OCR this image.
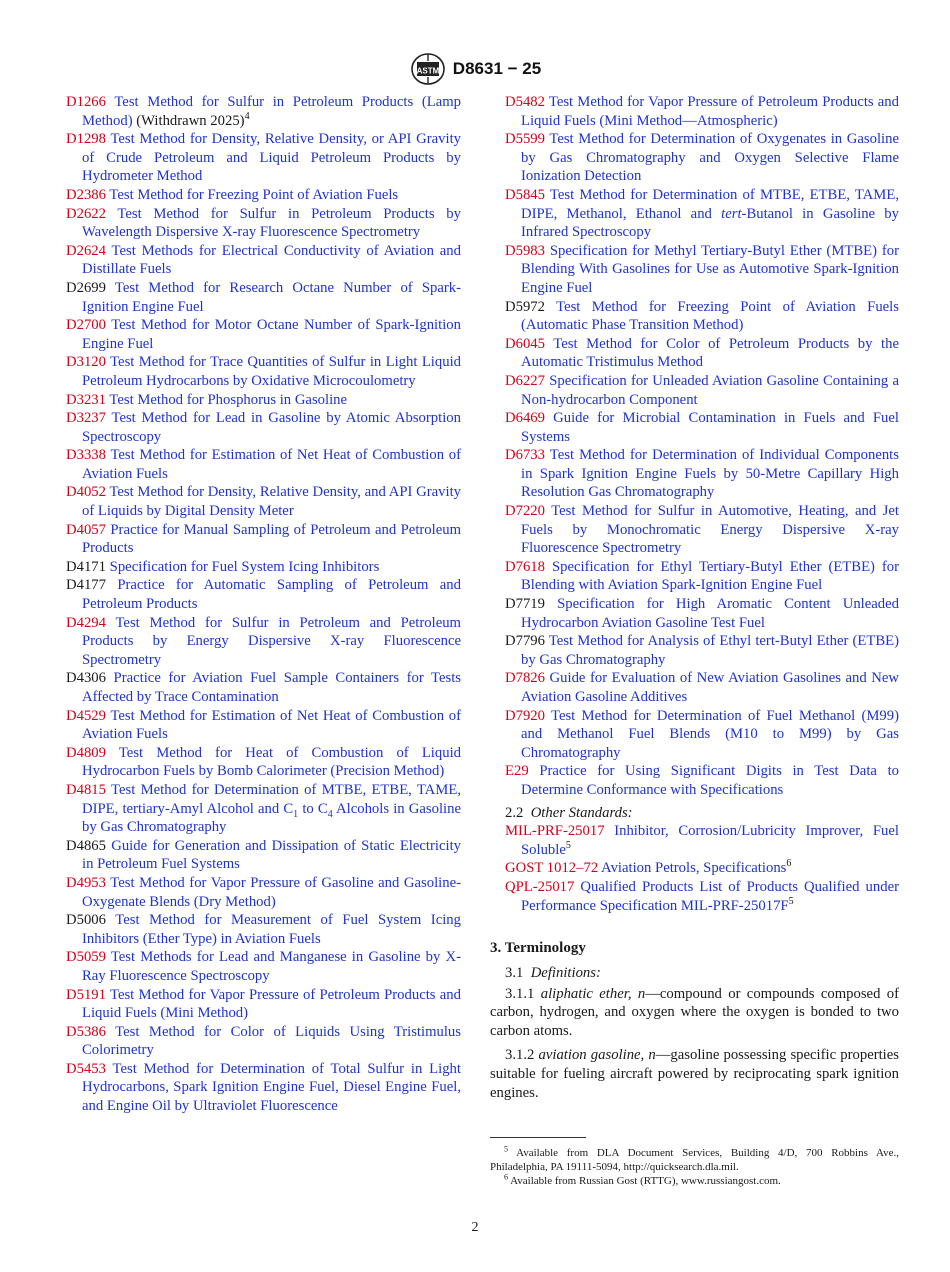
ASTM D8631 − 25

D1266 Test Method for Sulfur in Petroleum Products (Lamp Method) (Withdrawn 2025)$^4$

D1298 Test Method for Density, Relative Density, or API Gravity of Crude Petroleum and Liquid Petroleum Products by Hydrometer Method

D2386 Test Method for Freezing Point of Aviation Fuels

D2622 Test Method for Sulfur in Petroleum Products by Wavelength Dispersive X-ray Fluorescence Spectrometry

D2624 Test Methods for Electrical Conductivity of Aviation and Distillate Fuels

D2699 Test Method for Research Octane Number of Spark-Ignition Engine Fuel

D2700 Test Method for Motor Octane Number of Spark-Ignition Engine Fuel

D3120 Test Method for Trace Quantities of Sulfur in Light Liquid Petroleum Hydrocarbons by Oxidative Microcoulometry

D3231 Test Method for Phosphorus in Gasoline

D3237 Test Method for Lead in Gasoline by Atomic Absorption Spectroscopy

D3338 Test Method for Estimation of Net Heat of Combustion of Aviation Fuels

D4052 Test Method for Density, Relative Density, and API Gravity of Liquids by Digital Density Meter

D4057 Practice for Manual Sampling of Petroleum and Petroleum Products

D4171 Specification for Fuel System Icing Inhibitors

D4177 Practice for Automatic Sampling of Petroleum and Petroleum Products

D4294 Test Method for Sulfur in Petroleum and Petroleum Products by Energy Dispersive X-ray Fluorescence Spectrometry

D4306 Practice for Aviation Fuel Sample Containers for Tests Affected by Trace Contamination

D4529 Test Method for Estimation of Net Heat of Combustion of Aviation Fuels

D4809 Test Method for Heat of Combustion of Liquid Hydrocarbon Fuels by Bomb Calorimeter (Precision Method)

D4815 Test Method for Determination of MTBE, ETBE, TAME, DIPE, tertiary-Amyl Alcohol and $C_1$ to $C_4$ Alcohols in Gasoline by Gas Chromatography

D4865 Guide for Generation and Dissipation of Static Electricity in Petroleum Fuel Systems

D4953 Test Method for Vapor Pressure of Gasoline and Gasoline-Oxygenate Blends (Dry Method)

D5006 Test Method for Measurement of Fuel System Icing Inhibitors (Ether Type) in Aviation Fuels

D5059 Test Methods for Lead and Manganese in Gasoline by X-Ray Fluorescence Spectroscopy

D5191 Test Method for Vapor Pressure of Petroleum Products and Liquid Fuels (Mini Method)

D5386 Test Method for Color of Liquids Using Tristimulus Colorimetry

D5453 Test Method for Determination of Total Sulfur in Light Hydrocarbons, Spark Ignition Engine Fuel, Diesel Engine Fuel, and Engine Oil by Ultraviolet Fluorescence

D5482 Test Method for Vapor Pressure of Petroleum Products and Liquid Fuels (Mini Method—Atmospheric)

D5599 Test Method for Determination of Oxygenates in Gasoline by Gas Chromatography and Oxygen Selective Flame Ionization Detection

D5845 Test Method for Determination of MTBE, ETBE, TAME, DIPE, Methanol, Ethanol and tert-Butanol in Gasoline by Infrared Spectroscopy

D5983 Specification for Methyl Tertiary-Butyl Ether (MTBE) for Blending With Gasolines for Use as Automotive Spark-Ignition Engine Fuel

D5972 Test Method for Freezing Point of Aviation Fuels (Automatic Phase Transition Method)

D6045 Test Method for Color of Petroleum Products by the Automatic Tristimulus Method

D6227 Specification for Unleaded Aviation Gasoline Containing a Non-hydrocarbon Component

D6469 Guide for Microbial Contamination in Fuels and Fuel Systems

D6733 Test Method for Determination of Individual Components in Spark Ignition Engine Fuels by 50-Metre Capillary High Resolution Gas Chromatography

D7220 Test Method for Sulfur in Automotive, Heating, and Jet Fuels by Monochromatic Energy Dispersive X-ray Fluorescence Spectrometry

D7618 Specification for Ethyl Tertiary-Butyl Ether (ETBE) for Blending with Aviation Spark-Ignition Engine Fuel

D7719 Specification for High Aromatic Content Unleaded Hydrocarbon Aviation Gasoline Test Fuel

D7796 Test Method for Analysis of Ethyl tert-Butyl Ether (ETBE) by Gas Chromatography

D7826 Guide for Evaluation of New Aviation Gasolines and New Aviation Gasoline Additives

D7920 Test Method for Determination of Fuel Methanol (M99) and Methanol Fuel Blends (M10 to M99) by Gas Chromatography

E29 Practice for Using Significant Digits in Test Data to Determine Conformance with Specifications

2.2 Other Standards:

MIL-PRF-25017 Inhibitor, Corrosion/Lubricity Improver, Fuel Soluble$^5$

GOST 1012–72 Aviation Petrols, Specifications$^6$

QPL-25017 Qualified Products List of Products Qualified under Performance Specification MIL-$PRF-25017F^5$

3. Terminology

3.1 Definitions:

3.1.1 aliphatic ether, n—compound or compounds composed of carbon, hydrogen, and oxygen where the oxygen is bonded to two carbon atoms.

3.1.2 aviation gasoline, n—gasoline possessing specific properties suitable for fueling aircraft powered by reciprocating spark ignition engines.

$^5$ Available from DLA Document Services, Building 4/D, 700 Robbins Ave., Philadelphia, PA 19111-5094, http://quicksearch.dla.mil.

$^6$ Available from Russian Gost (RTTG), www.russiangost.com.

2
